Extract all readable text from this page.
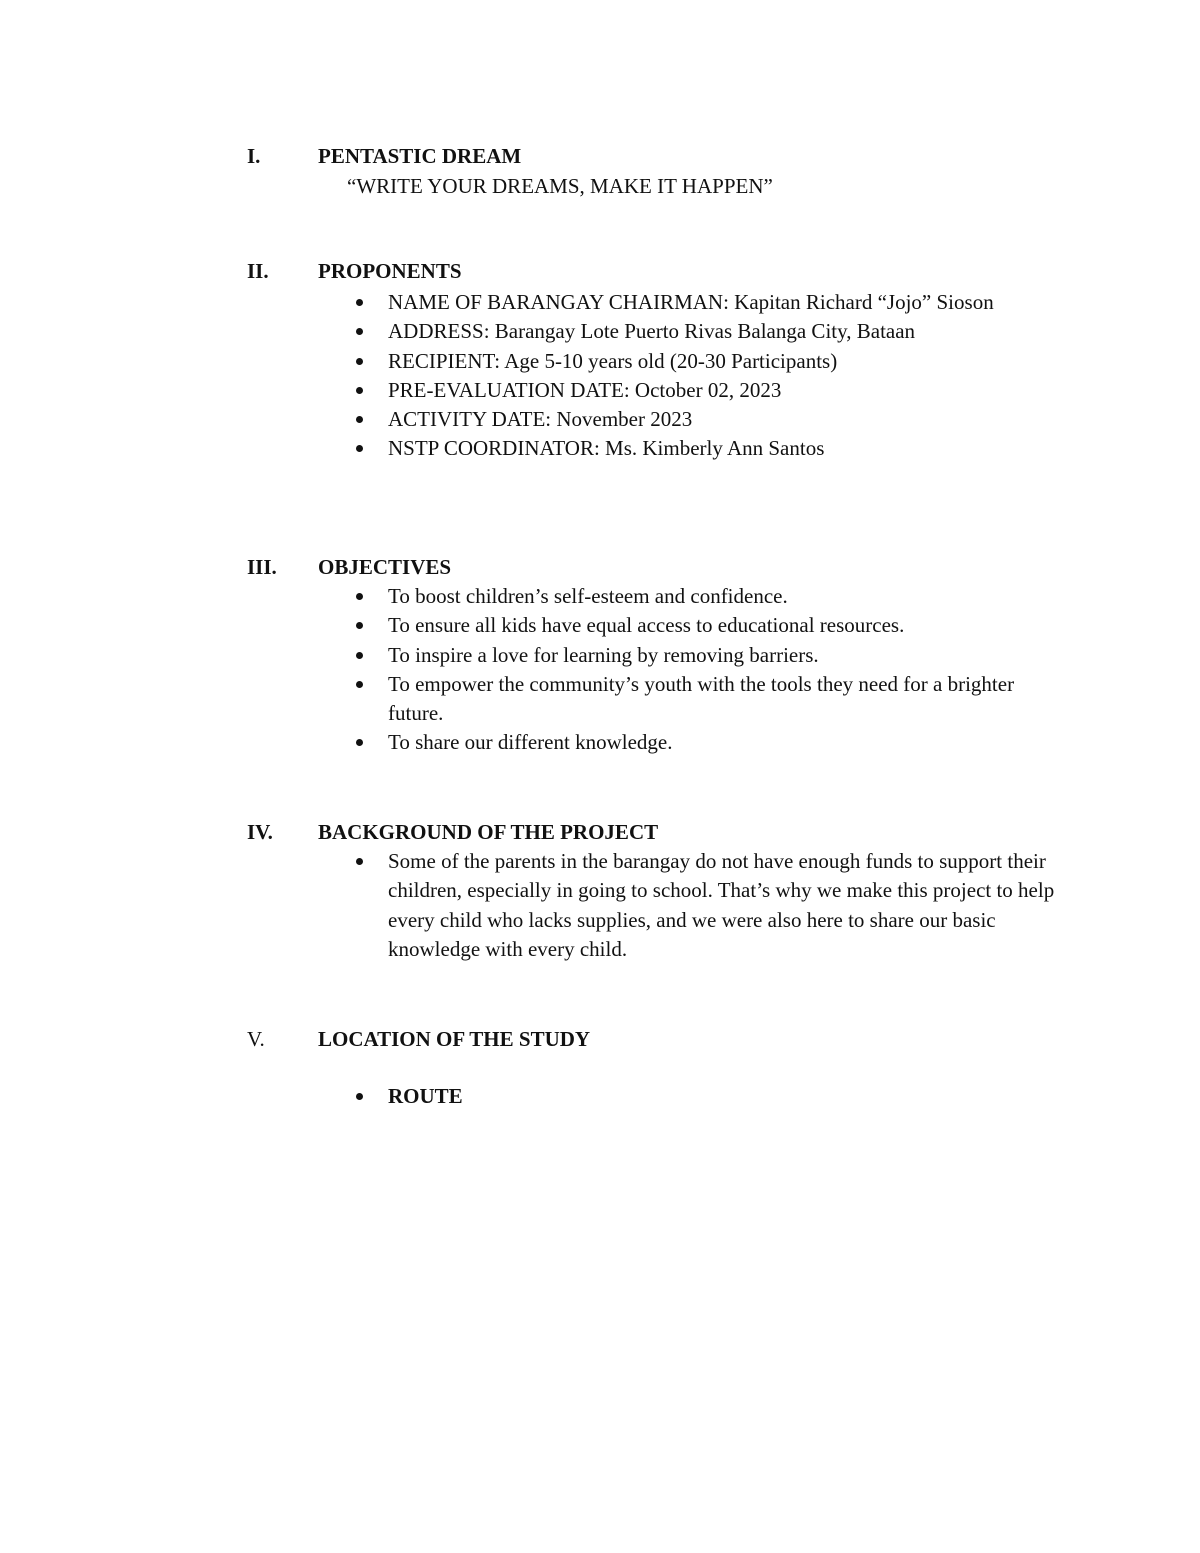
I.	PENTASTIC DREAM
“WRITE YOUR DREAMS, MAKE IT HAPPEN”
II. PROPONENTS
NAME OF BARANGAY CHAIRMAN: Kapitan Richard “Jojo” Sioson
ADDRESS: Barangay Lote Puerto Rivas Balanga City, Bataan
RECIPIENT: Age 5-10 years old (20-30 Participants)
PRE-EVALUATION DATE: October 02, 2023
ACTIVITY DATE: November 2023
NSTP COORDINATOR: Ms. Kimberly Ann Santos
III. OBJECTIVES
To boost children’s self-esteem and confidence.
To ensure all kids have equal access to educational resources.
To inspire a love for learning by removing barriers.
To empower the community’s youth with the tools they need for a brighter future.
To share our different knowledge.
IV. BACKGROUND OF THE PROJECT
Some of the parents in the barangay do not have enough funds to support their children, especially in going to school. That’s why we make this project to help every child who lacks supplies, and we were also here to share our basic knowledge with every child.
V.	LOCATION OF THE STUDY
ROUTE
